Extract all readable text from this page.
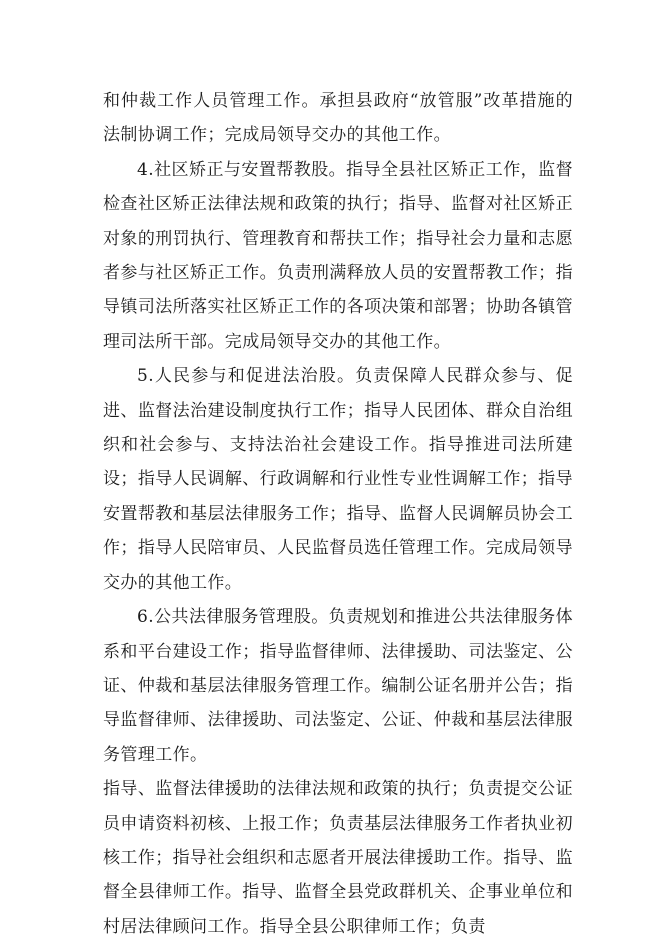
和仲裁工作人员管理工作。承担县政府“放管服”改革措施的法制协调工作；完成局领导交办的其他工作。

4.社区矫正与安置帮教股。指导全县社区矫正工作，监督检查社区矫正法律法规和政策的执行；指导、监督对社区矫正对象的刑罚执行、管理教育和帮扶工作；指导社会力量和志愿者参与社区矫正工作。负责刑满释放人员的安置帮教工作；指导镇司法所落实社区矫正工作的各项决策和部署；协助各镇管理司法所干部。完成局领导交办的其他工作。

5.人民参与和促进法治股。负责保障人民群众参与、促进、监督法治建设制度执行工作；指导人民团体、群众自治组织和社会参与、支持法治社会建设工作。指导推进司法所建设；指导人民调解、行政调解和行业性专业性调解工作；指导安置帮教和基层法律服务工作；指导、监督人民调解员协会工作；指导人民陪审员、人民监督员选任管理工作。完成局领导交办的其他工作。

6.公共法律服务管理股。负责规划和推进公共法律服务体系和平台建设工作；指导监督律师、法律援助、司法鉴定、公证、仲裁和基层法律服务管理工作。编制公证名册并公告；指导监督律师、法律援助、司法鉴定、公证、仲裁和基层法律服务管理工作。

指导、监督法律援助的法律法规和政策的执行；负责提交公证员申请资料初核、上报工作；负责基层法律服务工作者执业初核工作；指导社会组织和志愿者开展法律援助工作。指导、监督全县律师工作。指导、监督全县党政群机关、企事业单位和村居法律顾问工作。指导全县公职律师工作；负责
